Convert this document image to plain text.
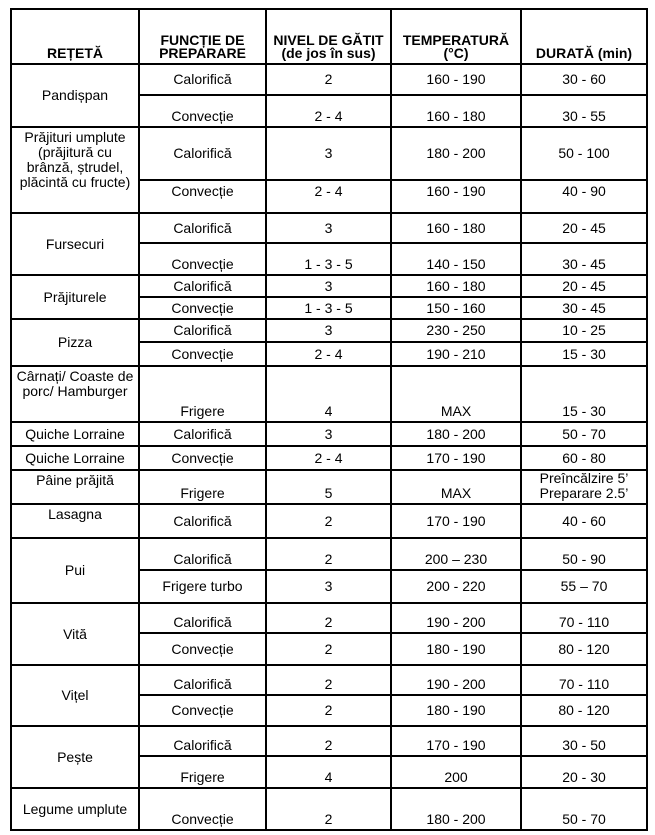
REȚETĂ	FUNCȚIE DE PREPARARE	NIVEL DE GĂTIT (de jos în sus)	TEMPERATURĂ (°C)	DURATĂ (min)
Pandișpan	Calorifică	2	160 - 190	30 - 60
	Convecție	2 - 4	160 - 180	30 - 55
Prăjituri umplute (prăjitură cu brânză, ștrudel, plăcintă cu fructe)	Calorifică	3	180 - 200	50 - 100
	Convecție	2 - 4	160 - 190	40 - 90
Fursecuri	Calorifică	3	160 - 180	20 - 45
	Convecție	1 - 3 - 5	140 - 150	30 - 45
Prăjiturele	Calorifică	3	160 - 180	20 - 45
	Convecție	1 - 3 - 5	150 - 160	30 - 45
Pizza	Calorifică	3	230 - 250	10 - 25
	Convecție	2 - 4	190 - 210	15 - 30
Cârnați/ Coaste de porc/ Hamburger	Frigere	4	MAX	15 - 30
Quiche Lorraine	Calorifică	3	180 - 200	50 - 70
Quiche Lorraine	Convecție	2 - 4	170 - 190	60 - 80
Pâine prăjită	Frigere	5	MAX	Preîncălzire 5’ Preparare 2.5’
Lasagna	Calorifică	2	170 - 190	40 - 60
Pui	Calorifică	2	200 – 230	50 - 90
	Frigere turbo	3	200 - 220	55 – 70
Vită	Calorifică	2	190 - 200	70 - 110
	Convecție	2	180 - 190	80 - 120
Vițel	Calorifică	2	190 - 200	70 - 110
	Convecție	2	180 - 190	80 - 120
Pește	Calorifică	2	170 - 190	30 - 50
	Frigere	4	200	20 - 30
Legume umplute	Convecție	2	180 - 200	50 - 70
